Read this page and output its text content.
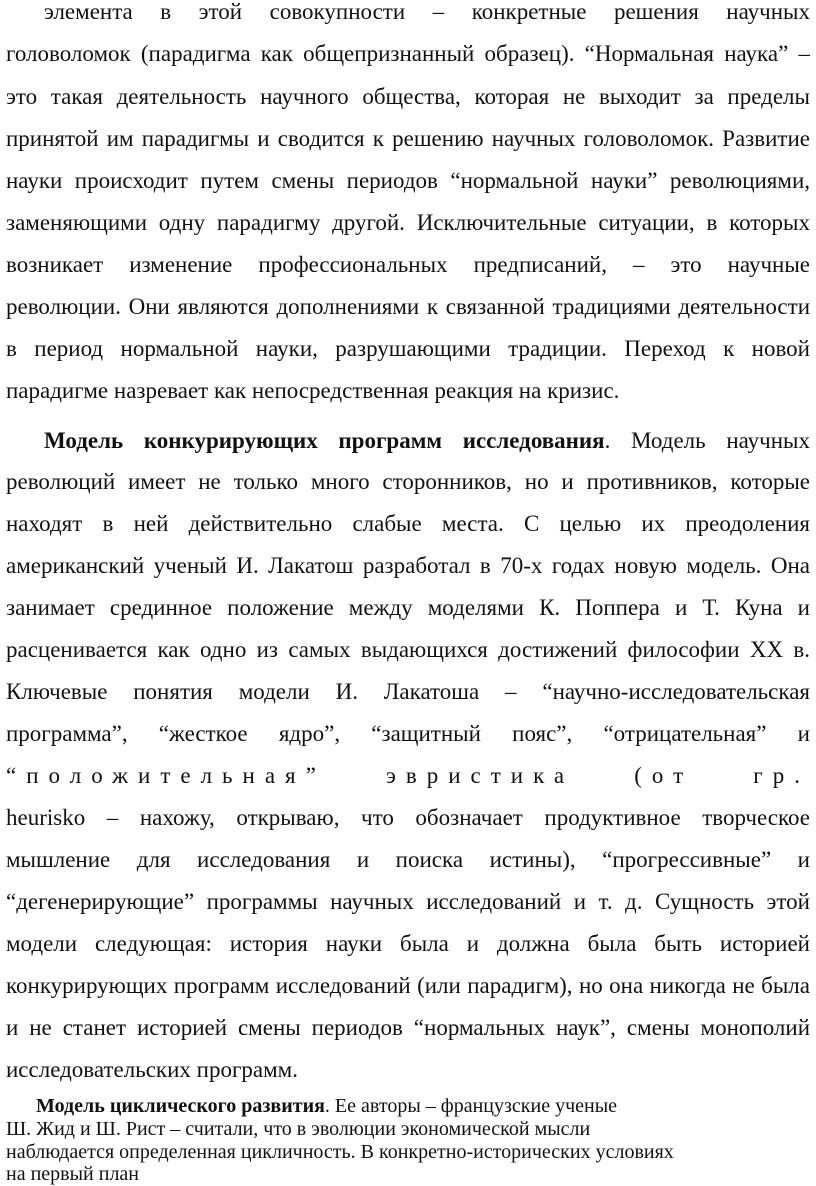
элемента в этой совокупности – конкретные решения научных
головоломок (парадигма как общепризнанный образец). “Нормальная наука” –
это такая деятельность научного общества, которая не выходит за пределы
принятой им парадигмы и сводится к решению научных головоломок. Развитие
науки происходит путем смены периодов “нормальной науки” революциями,
заменяющими одну парадигму другой. Исключительные ситуации, в которых
возникает изменение профессиональных предписаний, – это научные
революции. Они являются дополнениями к связанной традициями деятельности
в период нормальной науки, разрушающими традиции. Переход к новой
парадигме назревает как непосредственная реакция на кризис.
Модель конкурирующих программ исследования. Модель научных
революций имеет не только много сторонников, но и противников, которые
находят в ней действительно слабые места. С целью их преодоления
американский ученый И. Лакатош разработал в 70-х годах новую модель. Она
занимает срединное положение между моделями К. Поппера и Т. Куна и
расценивается как одно из самых выдающихся достижений философии XX в.
Ключевые понятия модели И. Лакатоша – “научно-исследовательская
программа”, “жесткое ядро”, “защитный пояс”, “отрицательная” и
“положительная” эвристика (от гр.
heurisko – нахожу, открываю, что обозначает продуктивное творческое
мышление для исследования и поиска истины), “прогрессивные” и
“дегенерирующие” программы научных исследований и т. д. Сущность этой
модели следующая: история науки была и должна была быть историей
конкурирующих программ исследований (или парадигм), но она никогда не была
и не станет историей смены периодов “нормальных наук”, смены монополий
исследовательских программ.
Модель циклического развития. Ее авторы – французские ученые
Ш. Жид и Ш. Рист – считали, что в эволюции экономической мысли
наблюдается определенная цикличность. В конкретно-исторических условиях
на первый план
